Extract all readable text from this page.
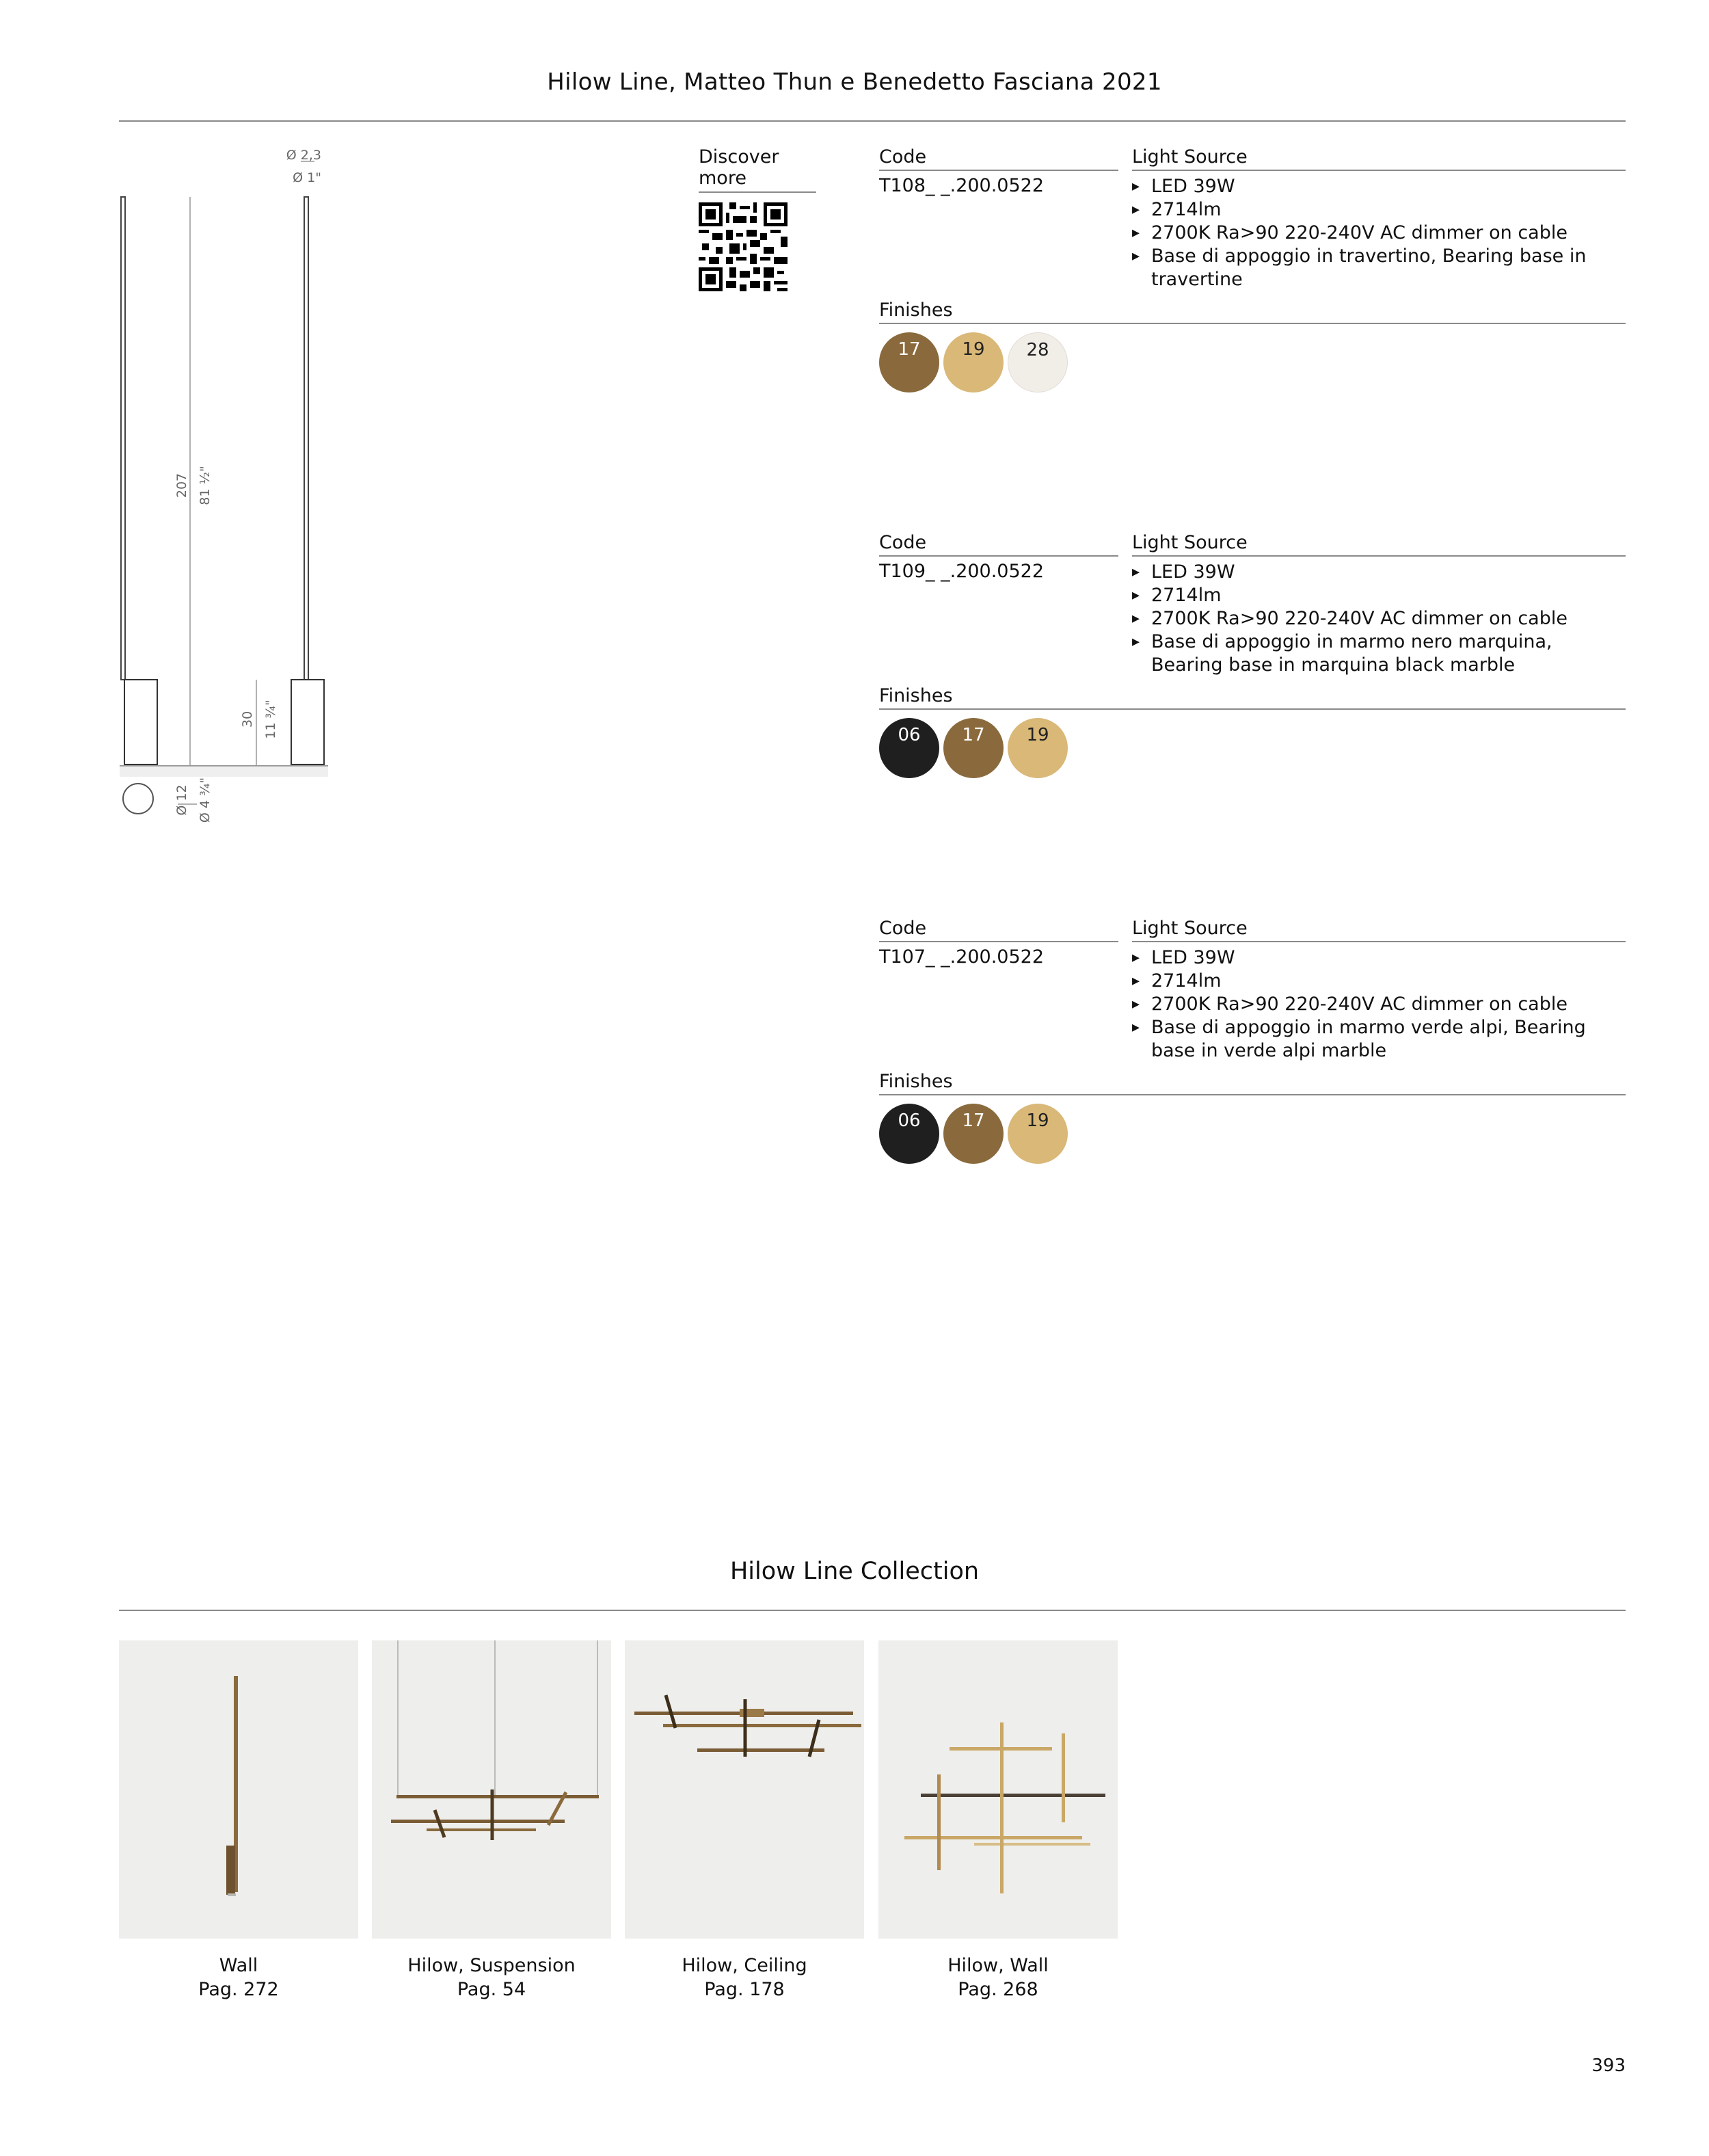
Hilow Line, Matteo Thun e Benedetto Fasciana 2021
Ø 2,3
Ø 1"
207 81 ½"
30 11 ¾"
Ø 12 Ø 4 ¾"
Discover more
Code
T108_ _.200.0522
Light Source
▸ LED 39W
▸ 2714lm
▸ 2700K Ra>90 220-240V AC dimmer on cable
▸ Base di appoggio in travertino, Bearing base in travertine
Finishes
17	19	28
Code
T109_ _.200.0522
Light Source
▸ LED 39W
▸ 2714lm
▸ 2700K Ra>90 220-240V AC dimmer on cable
▸ Base di appoggio in marmo nero marquina, Bearing base in marquina black marble
Finishes
06	17	19
Code
T107_ _.200.0522
Light Source
▸ LED 39W
▸ 2714lm
▸ 2700K Ra>90 220-240V AC dimmer on cable
▸ Base di appoggio in marmo verde alpi, Bearing base in verde alpi marble
Finishes
06	17	19
Hilow Line Collection
Wall
Pag. 272
Hilow, Suspension
Pag. 54
Hilow, Ceiling
Pag. 178
Hilow, Wall
Pag. 268
393
